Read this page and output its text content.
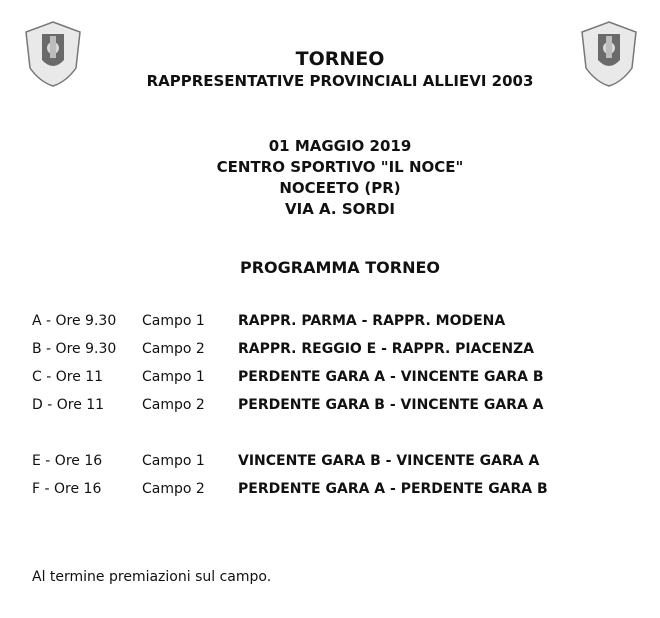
TORNEO
RAPPRESENTATIVE PROVINCIALI ALLIEVI 2003
01 MAGGIO 2019
CENTRO SPORTIVO "IL NOCE"
NOCEETO (PR)
VIA A. SORDI
PROGRAMMA TORNEO
A - Ore 9.30 Campo 1 RAPPR. PARMA - RAPPR. MODENA
B - Ore 9.30 Campo 2 RAPPR. REGGIO E - RAPPR. PIACENZA
C - Ore 11	Campo 1 PERDENTE GARA A - VINCENTE GARA B
D - Ore 11	Campo 2 PERDENTE GARA B - VINCENTE GARA A
E - Ore 16	Campo 1 VINCENTE GARA B - VINCENTE GARA A
F - Ore 16	Campo 2 PERDENTE GARA A - PERDENTE GARA B
Al termine premiazioni sul campo.
